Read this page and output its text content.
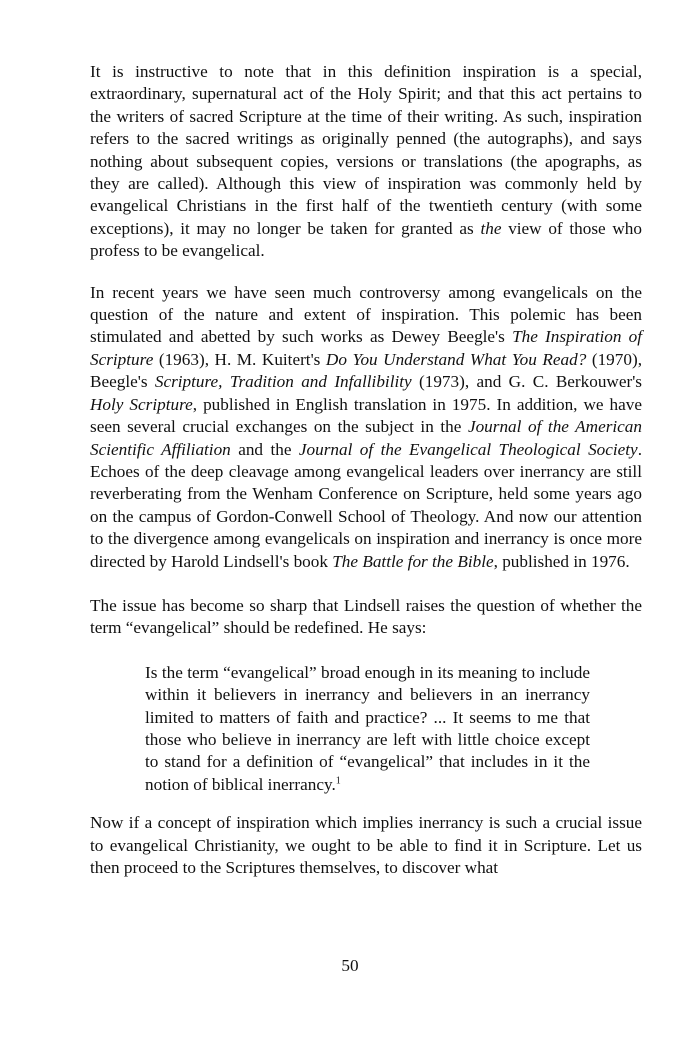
It is instructive to note that in this definition inspiration is a special, extraordinary, supernatural act of the Holy Spirit; and that this act pertains to the writers of sacred Scripture at the time of their writing. As such, inspiration refers to the sacred writings as originally penned (the autographs), and says nothing about subsequent copies, versions or translations (the apographs, as they are called). Although this view of inspiration was commonly held by evangelical Christians in the first half of the twentieth century (with some exceptions), it may no longer be taken for granted as the view of those who profess to be evangelical.

In recent years we have seen much controversy among evangelicals on the question of the nature and extent of inspiration. This polemic has been stimulated and abetted by such works as Dewey Beegle's The Inspiration of Scripture (1963), H. M. Kuitert's Do You Understand What You Read? (1970), Beegle's Scripture, Tradition and Infallibility (1973), and G. C. Berkouwer's Holy Scripture, published in English translation in 1975. In addition, we have seen several crucial exchanges on the subject in the Journal of the American Scientific Affiliation and the Journal of the Evangelical Theological Society. Echoes of the deep cleavage among evangelical leaders over inerrancy are still reverberating from the Wenham Conference on Scripture, held some years ago on the campus of Gordon-Conwell School of Theology. And now our attention to the divergence among evangelicals on inspiration and inerrancy is once more directed by Harold Lindsell's book The Battle for the Bible, published in 1976.

The issue has become so sharp that Lindsell raises the question of whether the term “evangelical” should be redefined. He says:

Is the term “evangelical” broad enough in its meaning to include within it believers in inerrancy and believers in an inerrancy limited to matters of faith and practice? ... It seems to me that those who believe in inerrancy are left with little choice except to stand for a definition of “evangelical” that includes in it the notion of biblical inerrancy.$^1$

Now if a concept of inspiration which implies inerrancy is such a crucial issue to evangelical Christianity, we ought to be able to find it in Scripture. Let us then proceed to the Scriptures themselves, to discover what

50
